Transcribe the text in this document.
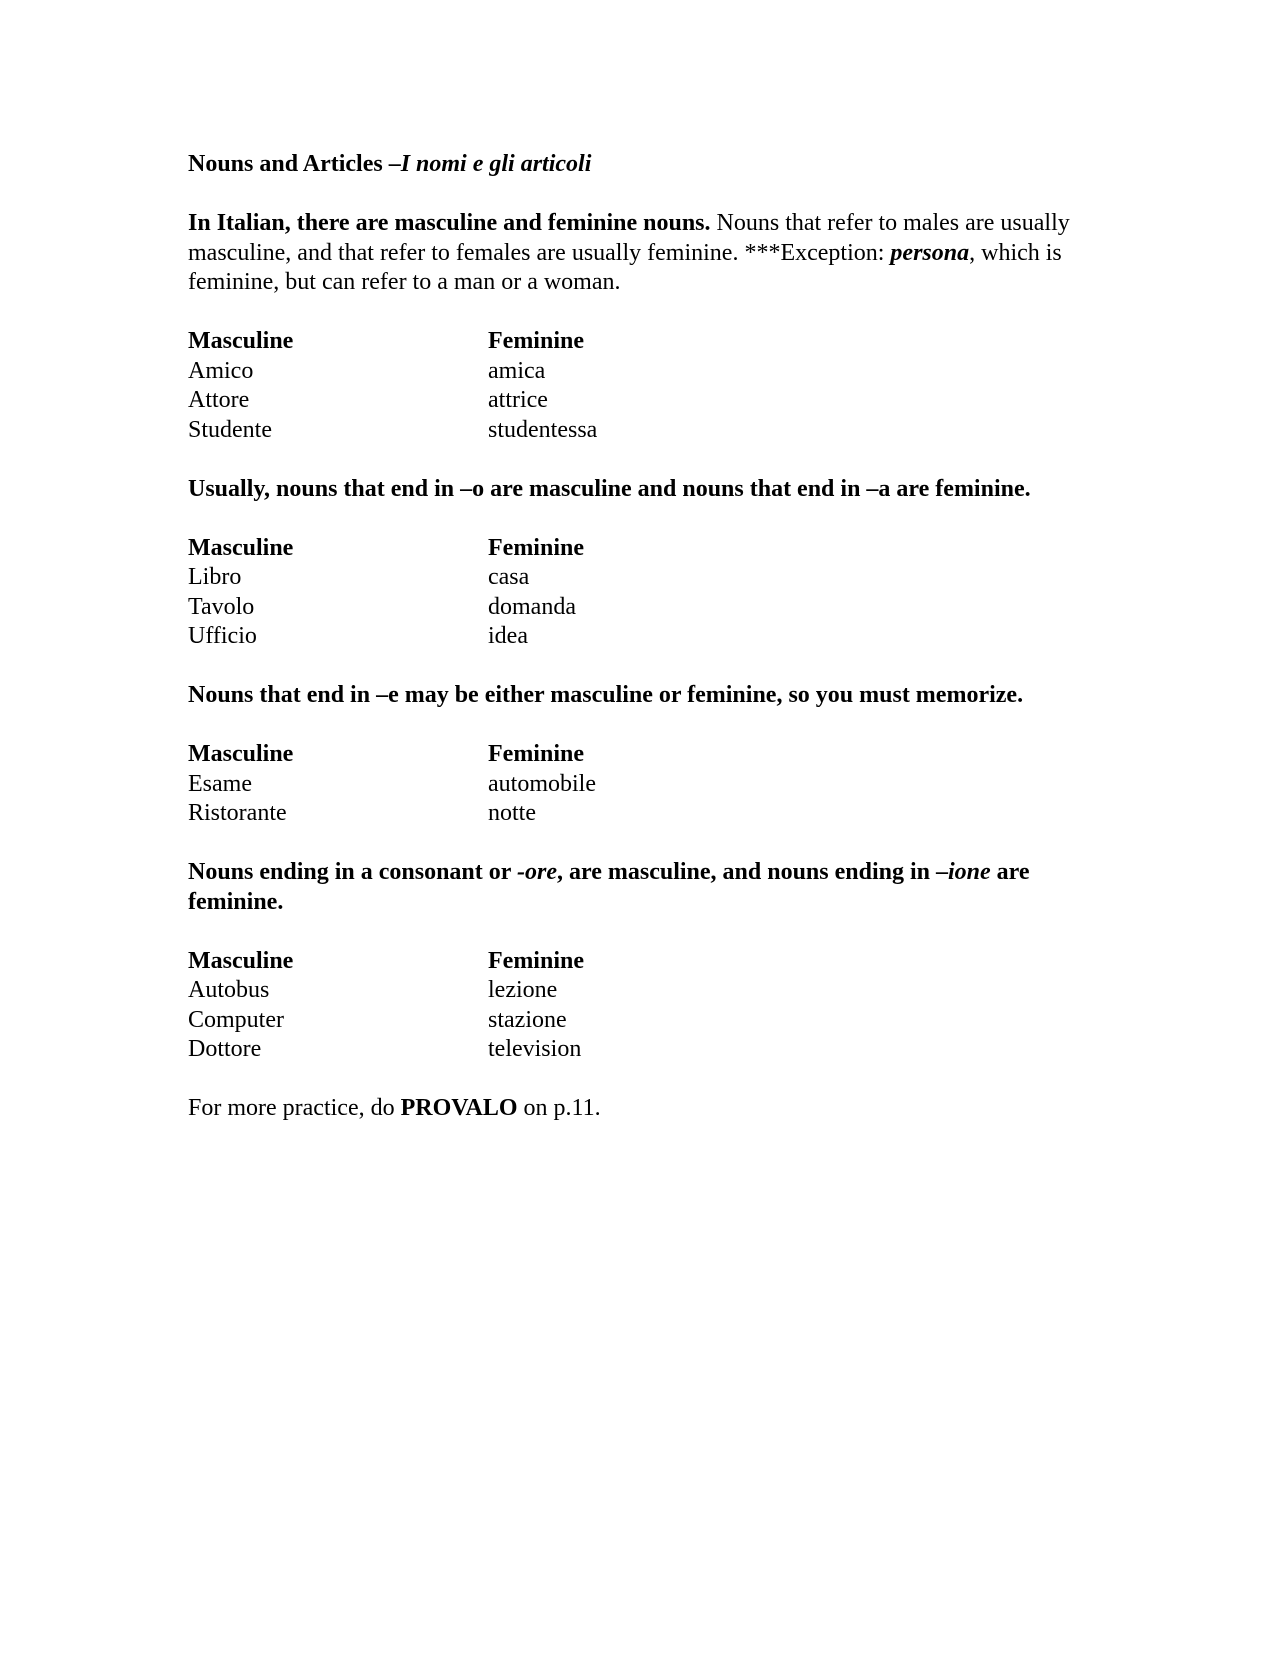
Nouns and Articles –I nomi e gli articoli
In Italian, there are masculine and feminine nouns. Nouns that refer to males are usually masculine, and that refer to females are usually feminine. ***Exception: persona, which is feminine, but can refer to a man or a woman.
Masculine	Feminine
Amico	amica
Attore	attrice
Studente	studentessa
Usually, nouns that end in –o are masculine and nouns that end in –a are feminine.
Masculine	Feminine
Libro	casa
Tavolo	domanda
Ufficio	idea
Nouns that end in –e may be either masculine or feminine, so you must memorize.
Masculine	Feminine
Esame	automobile
Ristorante	notte
Nouns ending in a consonant or -ore, are masculine, and nouns ending in –ione are feminine.
Masculine	Feminine
Autobus	lezione
Computer	stazione
Dottore	television
For more practice, do PROVALO on p.11.
